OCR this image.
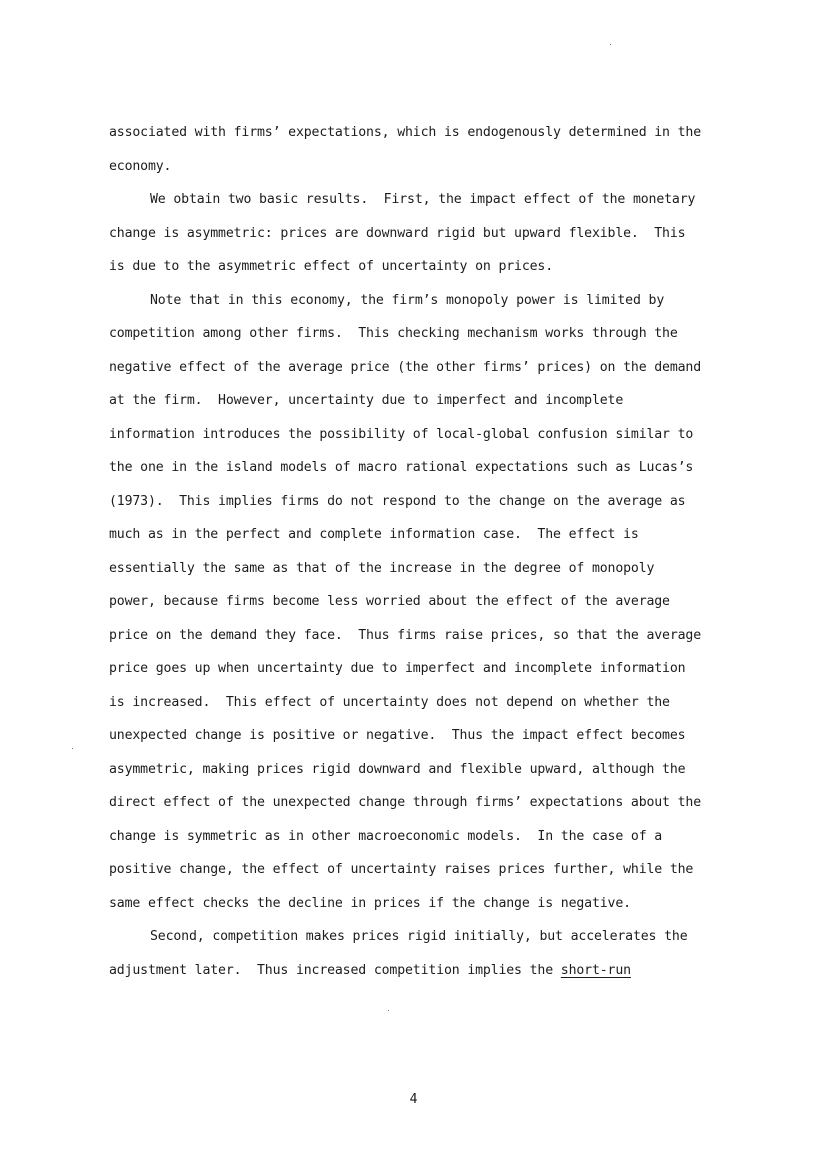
associated with firms’ expectations, which is endogenously determined in the
economy.
We obtain two basic results.  First, the impact effect of the monetary
change is asymmetric: prices are downward rigid but upward flexible.  This
is due to the asymmetric effect of uncertainty on prices.
Note that in this economy, the firm’s monopoly power is limited by
competition among other firms.  This checking mechanism works through the
negative effect of the average price (the other firms’ prices) on the demand
at the firm.  However, uncertainty due to imperfect and incomplete
information introduces the possibility of local-global confusion similar to
the one in the island models of macro rational expectations such as Lucas’s
(1973).  This implies firms do not respond to the change on the average as
much as in the perfect and complete information case.  The effect is
essentially the same as that of the increase in the degree of monopoly
power, because firms become less worried about the effect of the average
price on the demand they face.  Thus firms raise prices, so that the average
price goes up when uncertainty due to imperfect and incomplete information
is increased.  This effect of uncertainty does not depend on whether the
unexpected change is positive or negative.  Thus the impact effect becomes
asymmetric, making prices rigid downward and flexible upward, although the
direct effect of the unexpected change through firms’ expectations about the
change is symmetric as in other macroeconomic models.  In the case of a
positive change, the effect of uncertainty raises prices further, while the
same effect checks the decline in prices if the change is negative.
Second, competition makes prices rigid initially, but accelerates the
adjustment later.  Thus increased competition implies the short-run
4
